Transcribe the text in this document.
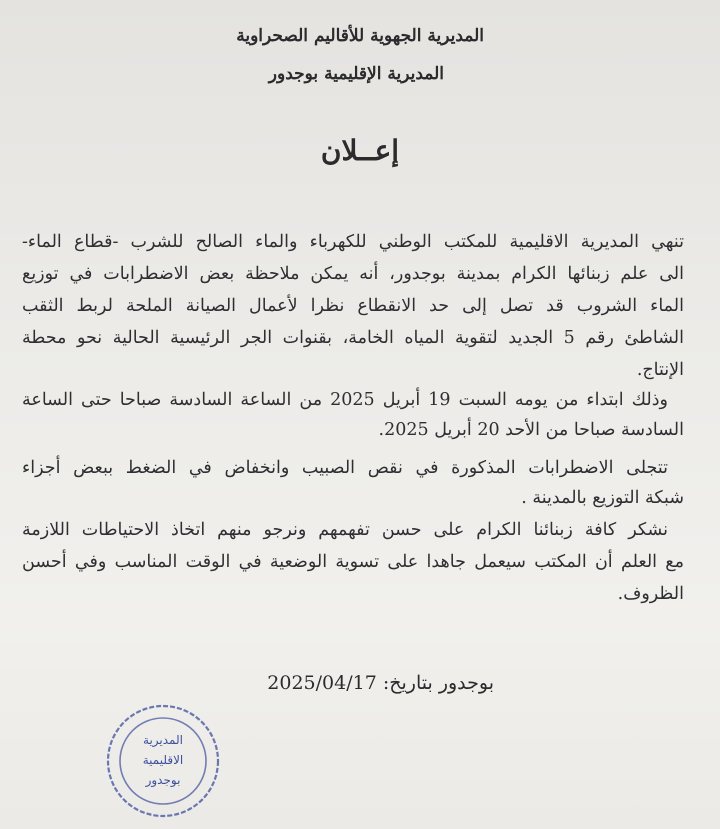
المديرية الجهوية للأقاليم الصحراوية
المديرية الإقليمية بوجدور
إعــلان
تنهي المديرية الاقليمية للمكتب الوطني للكهرباء والماء الصالح للشرب -قطاع الماء-
الى علم زبنائها الكرام بمدينة بوجدور، أنه يمكن ملاحظة بعض الاضطرابات في توزيع
الماء الشروب قد تصل إلى حد الانقطاع نظرا لأعمال الصيانة الملحة لربط الثقب
الشاطئ رقم 5 الجديد لتقوية المياه الخامة، بقنوات الجر الرئيسية الحالية نحو محطة
الإنتاج.
وذلك ابتداء من يومه السبت 19 أبريل 2025 من الساعة السادسة صباحا حتى الساعة
السادسة صباحا من الأحد 20 أبريل 2025.
تتجلى الاضطرابات المذكورة في نقص الصبيب وانخفاض في الضغط ببعض أجزاء
شبكة التوزيع بالمدينة .
نشكر كافة زبنائنا الكرام على حسن تفهمهم ونرجو منهم اتخاذ الاحتياطات اللازمة
مع العلم أن المكتب سيعمل جاهدا على تسوية الوضعية في الوقت المناسب وفي أحسن
الظروف.
بوجدور بتاريخ: 2025/04/17
المديرية
الاقليمية
بوجدور
